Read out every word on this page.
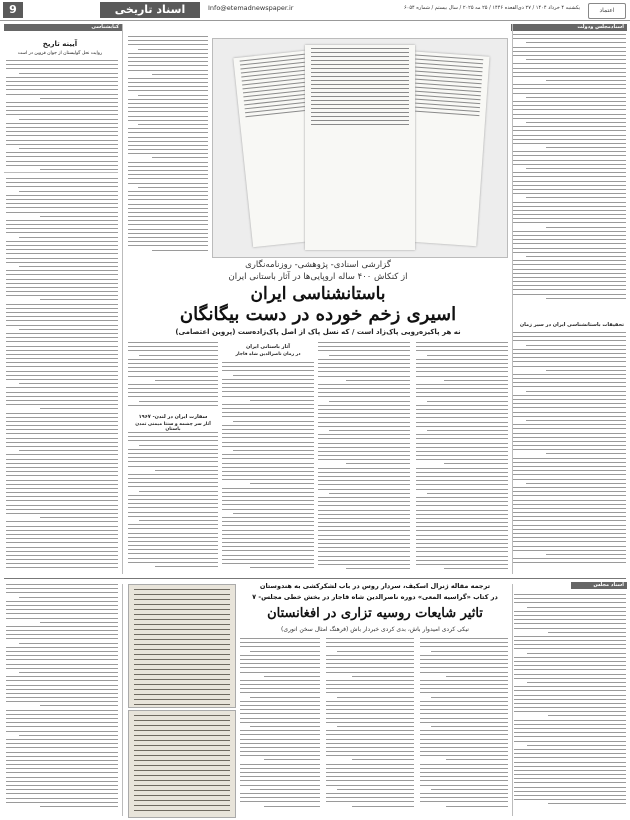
9	اسناد تاریخی	Info@etemadnewspaper.ir	یکشنبه ۴ خرداد ۱۴۰۴ / ۲۷ ذی‌القعده ۱۴۴۶ / ۲۵ مه ۲۰۲۵ / سال بیستم / شماره ۶۰۵۴	اعتماد
اسنادمجلس ودولت
تحقیقات باستانشناسی ایران در سیر زمان
کتابشناسی
آیینه تاریخ
روایت نحل گولیستان از جوان قزوین در است
گزارشی اسنادی- پژوهشی- روزنامه‌نگاری
از کنکاش ۴۰۰ ساله اروپایی‌ها در آثار باستانی ایران
باستانشناسی ایران
اسیری زخم خورده در دست بیگانگان
نه هر پاکیزه‌رویی پاک‌زاد است / که نسل پاک از اصل پاک‌زاده‌ست (پروین اعتصامی)
آثار باستانی ایران
در زمان ناصرالدین شاه قاجار
سفارت ایران در لندن- ۱۹۶۷
آثار سر چشمه و سنتا میمنی تمدن باستان
اسناد مجلس
ترجمه مقاله ژنرال اسکیف، سردار روس در باب لشکرکشی به هندوستان
در کتاب «گراسیه المعی» دوره ناصرالدین شاه قاجار در بخش خطی مجلس- ۷
تاثیر شایعات روسیه تزاری در افغانستان
نیکی کردی امیدوار باش، بدی کردی خبردار باش (فرهنگ امثال سخن انوری)
